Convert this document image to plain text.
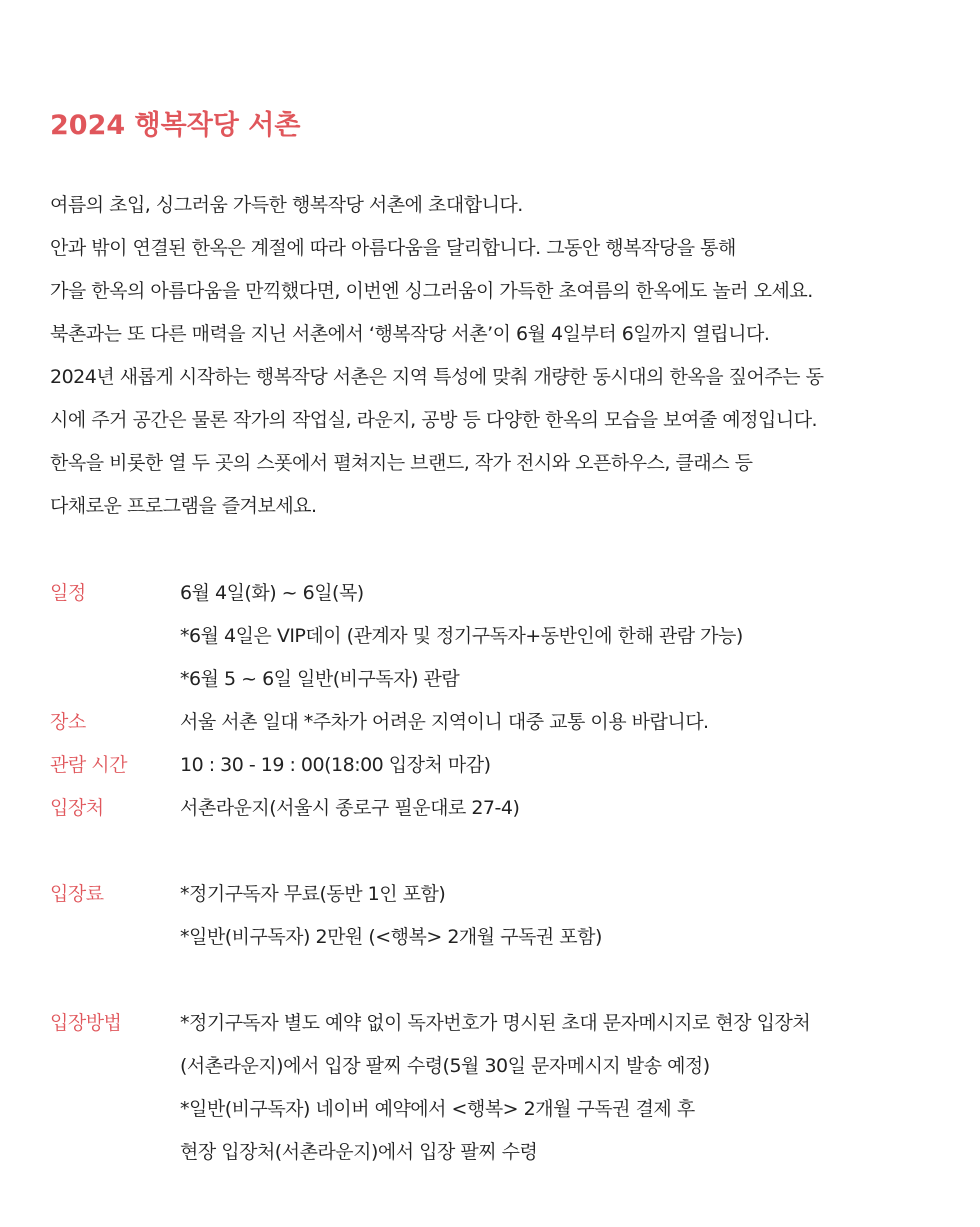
2024 행복작당 서촌
여름의 초입, 싱그러움 가득한 행복작당 서촌에 초대합니다.
안과 밖이 연결된 한옥은 계절에 따라 아름다움을 달리합니다. 그동안 행복작당을 통해
가을 한옥의 아름다움을 만끽했다면, 이번엔 싱그러움이 가득한 초여름의 한옥에도 놀러 오세요.
북촌과는 또 다른 매력을 지닌 서촌에서 ‘행복작당 서촌’이 6월 4일부터 6일까지 열립니다.
2024년 새롭게 시작하는 행복작당 서촌은 지역 특성에 맞춰 개량한 동시대의 한옥을 짚어주는 동
시에 주거 공간은 물론 작가의 작업실, 라운지, 공방 등 다양한 한옥의 모습을 보여줄 예정입니다.
한옥을 비롯한 열 두 곳의 스폿에서 펼쳐지는 브랜드, 작가 전시와 오픈하우스, 클래스 등
다채로운 프로그램을 즐겨보세요.
일정	6월 4일(화) ~ 6일(목)
*6월 4일은 VIP데이 (관계자 및 정기구독자+동반인에 한해 관람 가능)
*6월 5 ~ 6일 일반(비구독자) 관람
장소	서울 서촌 일대 *주차가 어려운 지역이니 대중 교통 이용 바랍니다.
관람 시간	10 : 30 - 19 : 00(18:00 입장처 마감)
입장처	서촌라운지(서울시 종로구 필운대로 27-4)
입장료	*정기구독자 무료(동반 1인 포함)
*일반(비구독자) 2만원 (<행복> 2개월 구독권 포함)
입장방법	*정기구독자 별도 예약 없이 독자번호가 명시된 초대 문자메시지로 현장 입장처
(서촌라운지)에서 입장 팔찌 수령(5월 30일 문자메시지 발송 예정)
*일반(비구독자) 네이버 예약에서 <행복> 2개월 구독권 결제 후
현장 입장처(서촌라운지)에서 입장 팔찌 수령
